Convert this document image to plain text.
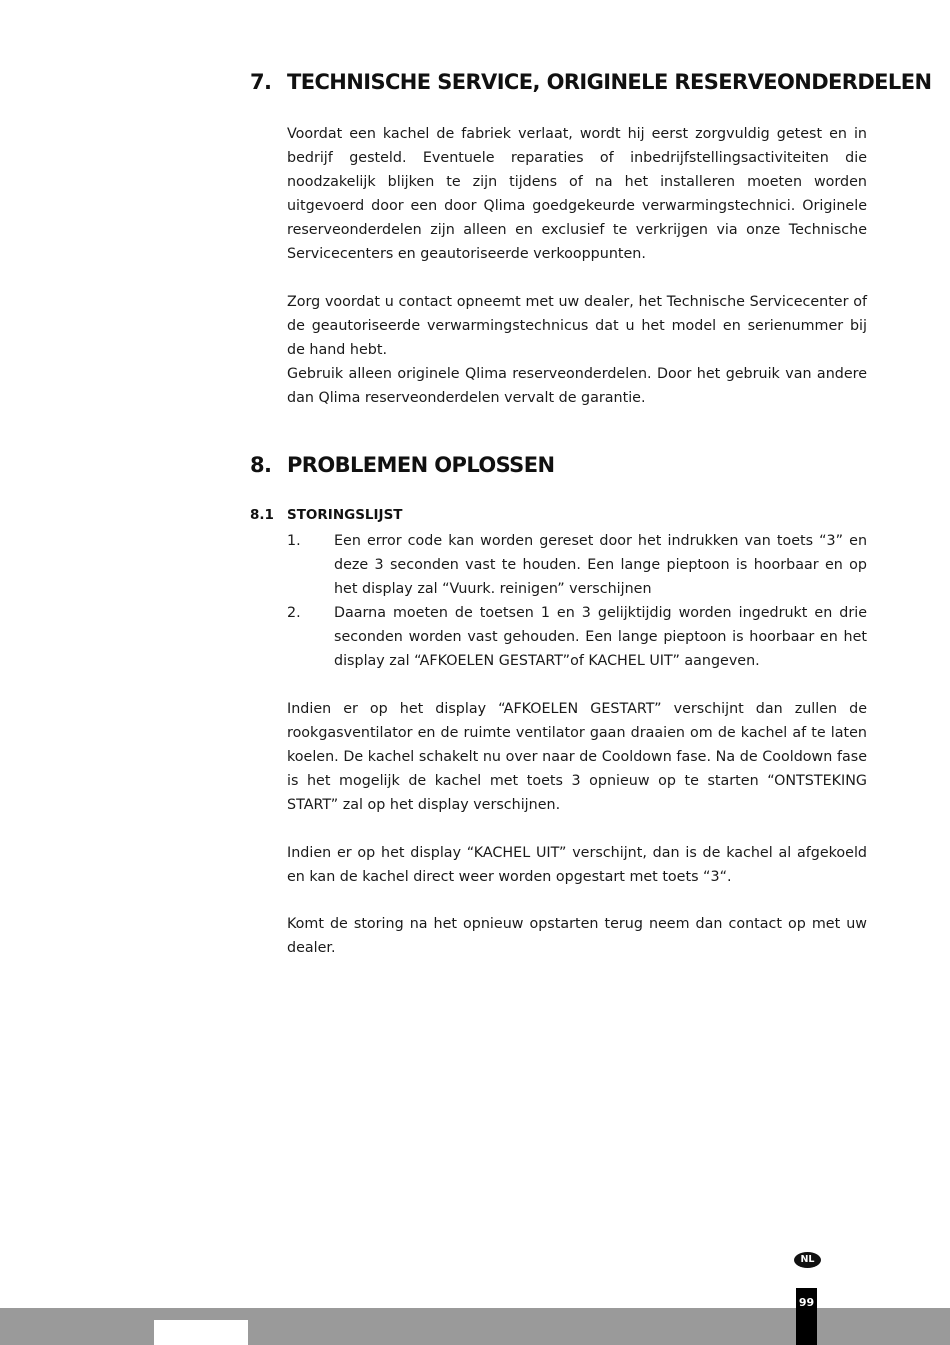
7. TECHNISCHE SERVICE, ORIGINELE RESERVEONDERDELEN

Voordat een kachel de fabriek verlaat, wordt hij eerst zorgvuldig getest en in bedrijf gesteld. Eventuele reparaties of inbedrijfstellingsactiviteiten die noodzakelijk blijken te zijn tijdens of na het installeren moeten worden uitgevoerd door een door Qlima goedgekeurde verwarmingstechnici. Originele reserveonderdelen zijn alleen en exclusief te verkrijgen via onze Technische Servicecenters en geautoriseerde verkooppunten.

Zorg voordat u contact opneemt met uw dealer, het Technische Servicecenter of de geautoriseerde verwarmingstechnicus dat u het model en serienummer bij de hand hebt.

Gebruik alleen originele Qlima reserveonderdelen. Door het gebruik van andere dan Qlima reserveonderdelen vervalt de garantie.

8. PROBLEMEN OPLOSSEN
8.1 STORINGSLIJST
1. Een error code kan worden gereset door het indrukken van toets “3” en deze 3 seconden vast te houden. Een lange pieptoon is hoorbaar en op het display zal “Vuurk. reinigen” verschijnen
2. Daarna moeten de toetsen 1 en 3 gelijktijdig worden ingedrukt en drie seconden worden vast gehouden. Een lange pieptoon is hoorbaar en het display zal “AFKOELEN GESTART”of KACHEL UIT” aangeven.

Indien er op het display “AFKOELEN GESTART” verschijnt dan zullen de rookgasventilator en de ruimte ventilator gaan draaien om de kachel af te laten koelen. De kachel schakelt nu over naar de Cooldown fase. Na de Cooldown fase is het mogelijk de kachel met toets 3 opnieuw op te starten “ONTSTEKING START” zal op het display verschijnen.

Indien er op het display “KACHEL UIT” verschijnt, dan is de kachel al afgekoeld en kan de kachel direct weer worden opgestart met toets “3“.

Komt de storing na het opnieuw opstarten terug neem dan contact op met uw dealer.

NL
99
